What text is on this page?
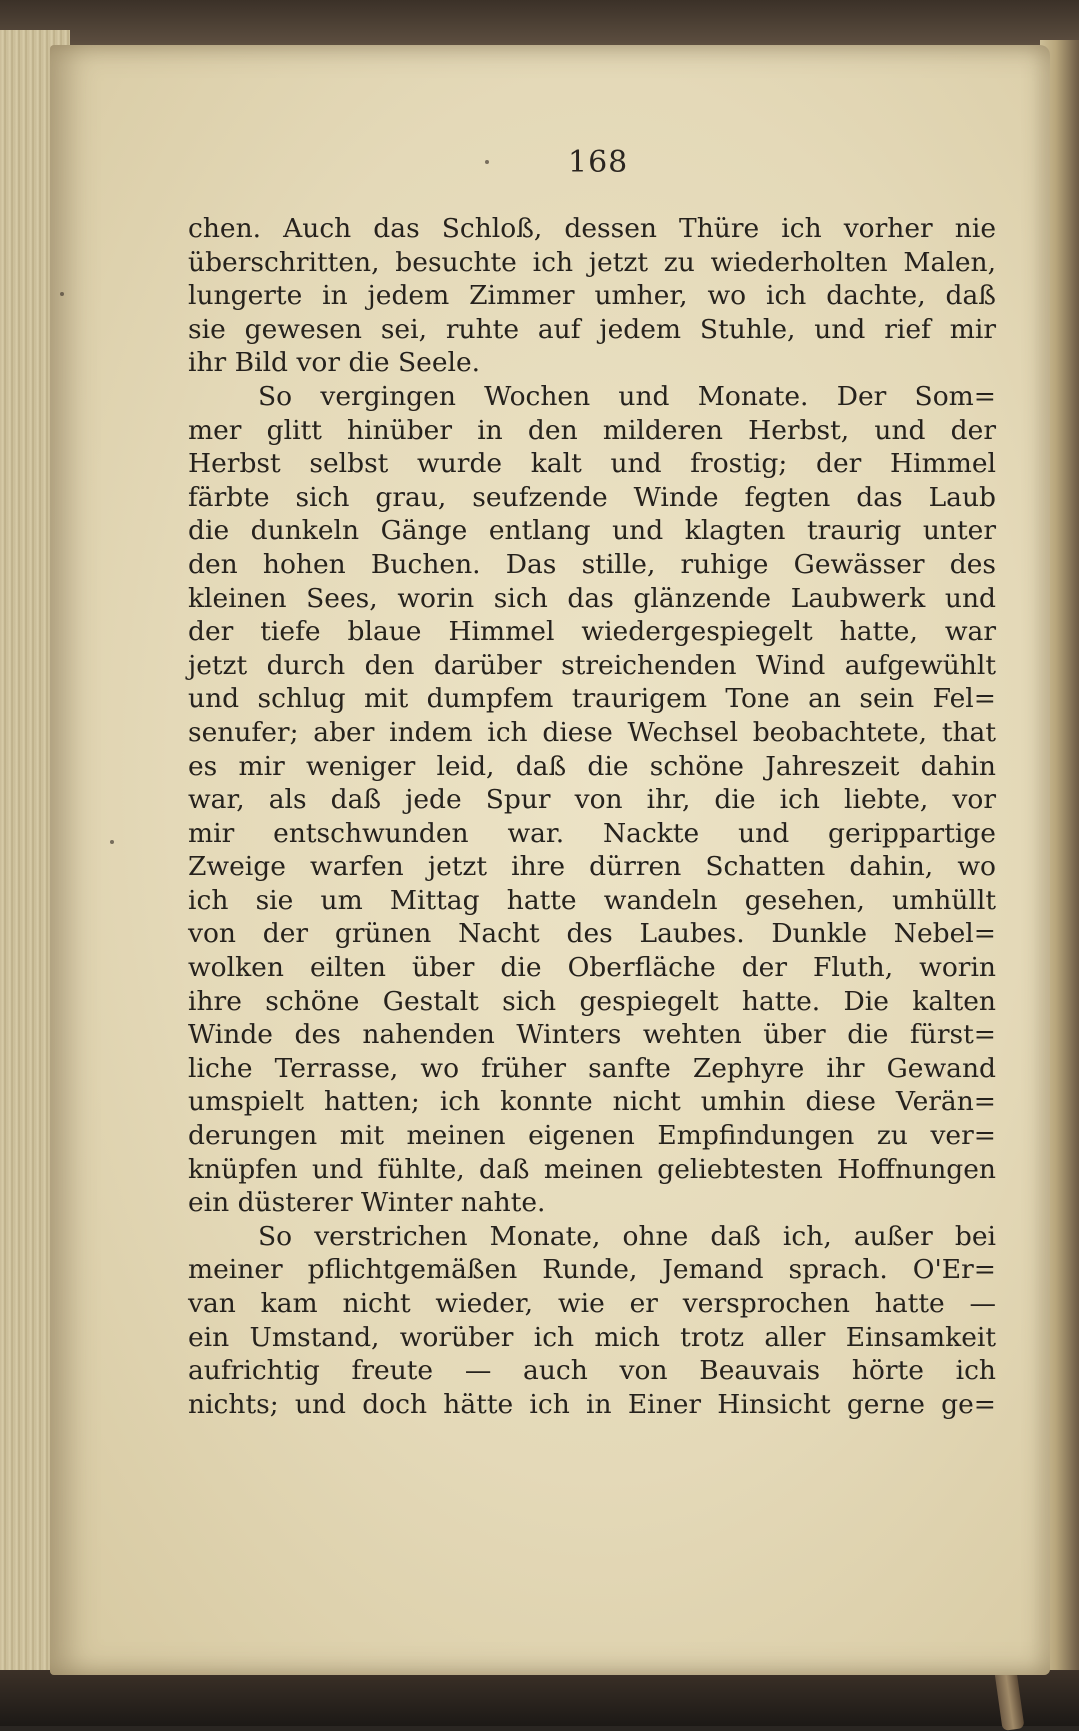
168
chen. Auch das Schloß, dessen Thüre ich vorher nie
überschritten, besuchte ich jetzt zu wiederholten Malen,
lungerte in jedem Zimmer umher, wo ich dachte, daß
sie gewesen sei, ruhte auf jedem Stuhle, und rief mir
ihr Bild vor die Seele.
So vergingen Wochen und Monate. Der Som=
mer glitt hinüber in den milderen Herbst, und der
Herbst selbst wurde kalt und frostig; der Himmel
färbte sich grau, seufzende Winde fegten das Laub
die dunkeln Gänge entlang und klagten traurig unter
den hohen Buchen. Das stille, ruhige Gewässer des
kleinen Sees, worin sich das glänzende Laubwerk und
der tiefe blaue Himmel wiedergespiegelt hatte, war
jetzt durch den darüber streichenden Wind aufgewühlt
und schlug mit dumpfem traurigem Tone an sein Fel=
senufer; aber indem ich diese Wechsel beobachtete, that
es mir weniger leid, daß die schöne Jahreszeit dahin
war, als daß jede Spur von ihr, die ich liebte, vor
mir entschwunden war. Nackte und gerippartige
Zweige warfen jetzt ihre dürren Schatten dahin, wo
ich sie um Mittag hatte wandeln gesehen, umhüllt
von der grünen Nacht des Laubes. Dunkle Nebel=
wolken eilten über die Oberfläche der Fluth, worin
ihre schöne Gestalt sich gespiegelt hatte. Die kalten
Winde des nahenden Winters wehten über die fürst=
liche Terrasse, wo früher sanfte Zephyre ihr Gewand
umspielt hatten; ich konnte nicht umhin diese Verän=
derungen mit meinen eigenen Empfindungen zu ver=
knüpfen und fühlte, daß meinen geliebtesten Hoffnungen
ein düsterer Winter nahte.
So verstrichen Monate, ohne daß ich, außer bei
meiner pflichtgemäßen Runde, Jemand sprach. O'Er=
van kam nicht wieder, wie er versprochen hatte —
ein Umstand, worüber ich mich trotz aller Einsamkeit
aufrichtig freute — auch von Beauvais hörte ich
nichts; und doch hätte ich in Einer Hinsicht gerne ge=
